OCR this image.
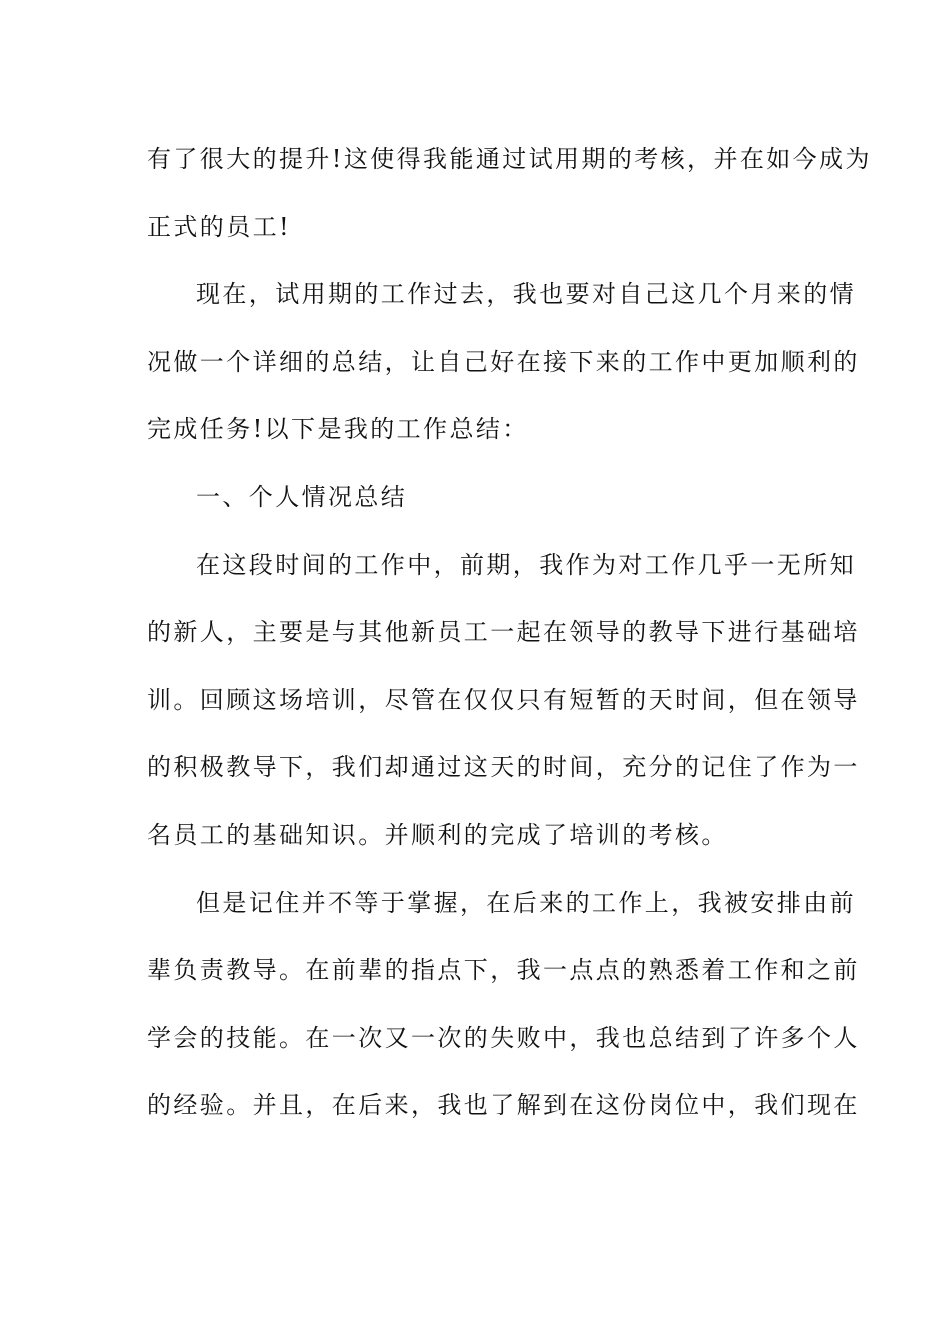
有了很大的提升!这使得我能通过试用期的考核，并在如今成为
正式的员工!
现在，试用期的工作过去，我也要对自己这几个月来的情
况做一个详细的总结，让自己好在接下来的工作中更加顺利的
完成任务!以下是我的工作总结：
一、个人情况总结
在这段时间的工作中，前期，我作为对工作几乎一无所知
的新人，主要是与其他新员工一起在领导的教导下进行基础培
训。回顾这场培训，尽管在仅仅只有短暂的天时间，但在领导
的积极教导下，我们却通过这天的时间，充分的记住了作为一
名员工的基础知识。并顺利的完成了培训的考核。
但是记住并不等于掌握，在后来的工作上，我被安排由前
辈负责教导。在前辈的指点下，我一点点的熟悉着工作和之前
学会的技能。在一次又一次的失败中，我也总结到了许多个人
的经验。并且，在后来，我也了解到在这份岗位中，我们现在
